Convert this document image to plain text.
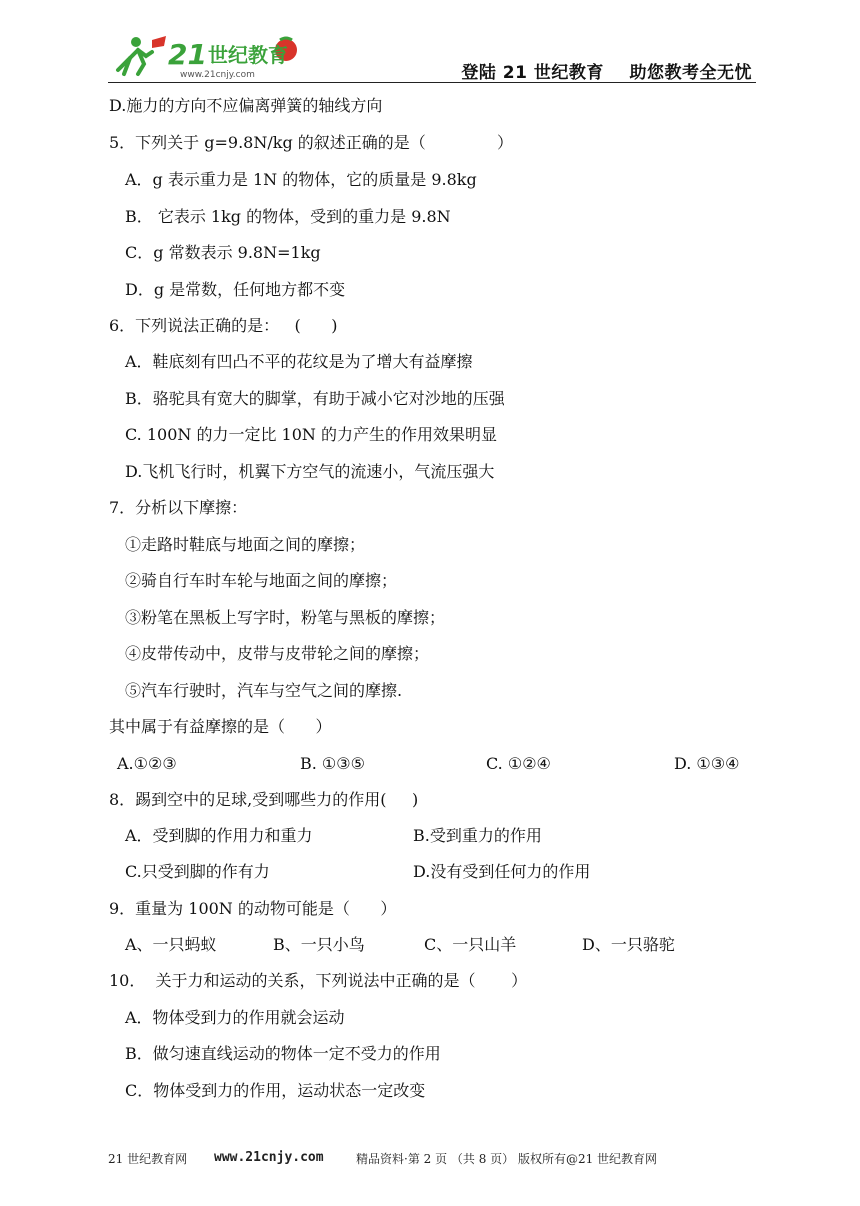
21 世纪教育
www.21cnjy.com	登陆 21 世纪教育    助您教考全无忧
D.施力的方向不应偏离弹簧的轴线方向
5．下列关于 g=9.8N/kg 的叙述正确的是（              ）
A．g 表示重力是 1N 的物体，它的质量是 9.8kg
B． 它表示 1kg 的物体，受到的重力是 9.8N
C．g 常数表示 9.8N=1kg
D．g 是常数，任何地方都不变
6．下列说法正确的是：   (      )
A．鞋底刻有凹凸不平的花纹是为了增大有益摩擦
B．骆驼具有宽大的脚掌，有助于减小它对沙地的压强
C. 100N 的力一定比 10N 的力产生的作用效果明显
D.飞机飞行时，机翼下方空气的流速小，气流压强大
7．分析以下摩擦：
①走路时鞋底与地面之间的摩擦；
②骑自行车时车轮与地面之间的摩擦；
③粉笔在黑板上写字时，粉笔与黑板的摩擦；
④皮带传动中，皮带与皮带轮之间的摩擦；
⑤汽车行驶时，汽车与空气之间的摩擦.
其中属于有益摩擦的是（      ）
A.①②③	B. ①③⑤	C. ①②④	D. ①③④
8．踢到空中的足球,受到哪些力的作用(     )
A．受到脚的作用力和重力	B.受到重力的作用
C.只受到脚的作有力	D.没有受到任何力的作用
9．重量为 100N 的动物可能是（      ）
A、一只蚂蚁	B、一只小鸟	C、一只山羊	D、一只骆驼
10．  关于力和运动的关系，下列说法中正确的是（       ）
A．物体受到力的作用就会运动
B．做匀速直线运动的物体一定不受力的作用
C．物体受到力的作用，运动状态一定改变

21 世纪教育网

www.21cnjy.com

	精品资料·第 2 页 （共 8 页） 版权所有@21 世纪教育网
